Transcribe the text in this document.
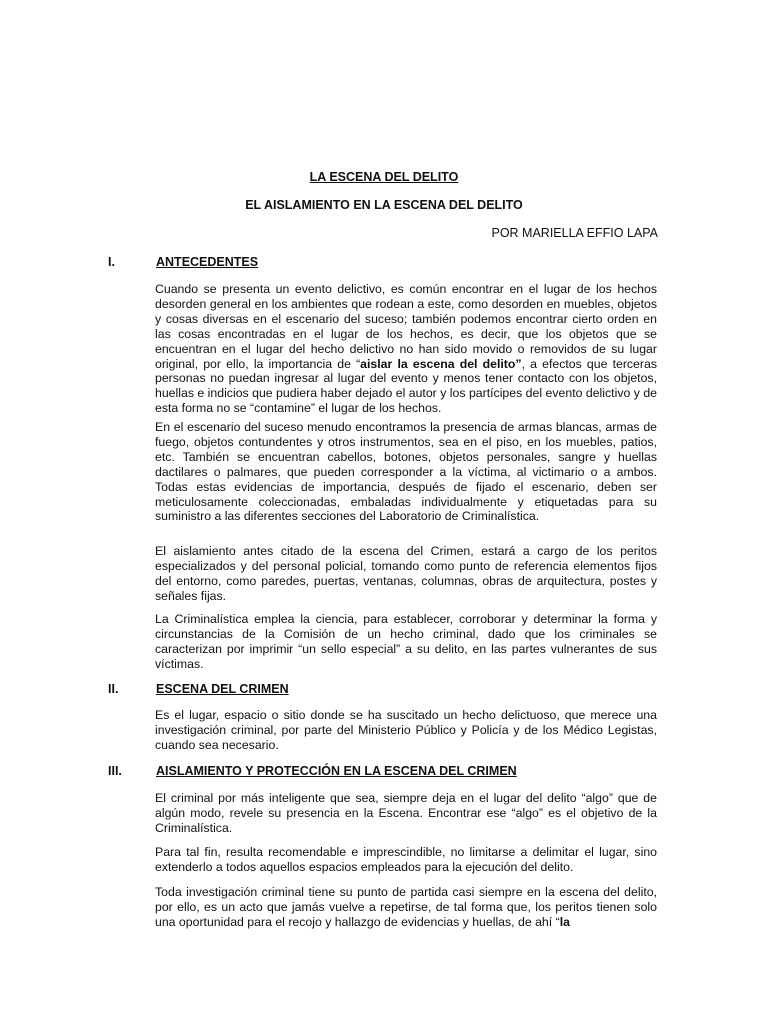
LA ESCENA DEL DELITO
EL AISLAMIENTO EN LA ESCENA DEL DELITO
POR MARIELLA EFFIO LAPA
I.	ANTECEDENTES

Cuando se presenta un evento delictivo, es común encontrar en el lugar de los hechos desorden general en los ambientes que rodean a este, como desorden en muebles, objetos y cosas diversas en el escenario del suceso; también podemos encontrar cierto orden en las cosas encontradas en el lugar de los hechos, es decir, que los objetos que se encuentran en el lugar del hecho delictivo no han sido movido o removidos de su lugar original, por ello, la importancia de “aislar la escena del delito”, a efectos que terceras personas no puedan ingresar al lugar del evento y menos tener contacto con los objetos, huellas e indicios que pudiera haber dejado el autor y los partícipes del evento delictivo y de esta forma no se “contamine” el lugar de los hechos.

En el escenario del suceso menudo encontramos la presencia de armas blancas, armas de fuego, objetos contundentes y otros instrumentos, sea en el piso, en los muebles, patios, etc. También se encuentran cabellos, botones, objetos personales, sangre y huellas dactilares o palmares, que pueden corresponder a la víctima, al victimario o a ambos. Todas estas evidencias de importancia, después de fijado el escenario, deben ser meticulosamente coleccionadas, embaladas individualmente y etiquetadas para su suministro a las diferentes secciones del Laboratorio de Criminalística.

El aislamiento antes citado de la escena del Crimen, estará a cargo de los peritos especializados y del personal policial, tomando como punto de referencia elementos fijos del entorno, como paredes, puertas, ventanas, columnas, obras de arquitectura, postes y señales fijas.

La Criminalística emplea la ciencia, para establecer, corroborar y determinar la forma y circunstancias de la Comisión de un hecho criminal, dado que los criminales se caracterizan por imprimir “un sello especial” a su delito, en las partes vulnerantes de sus víctimas.

II.	ESCENA DEL CRIMEN

Es el lugar, espacio o sitio donde se ha suscitado un hecho delictuoso, que merece una investigación criminal, por parte del Ministerio Público y Policía y de los Médico Legistas, cuando sea necesario.

III.	AISLAMIENTO Y PROTECCIÓN EN LA ESCENA DEL CRIMEN

El criminal por más inteligente que sea, siempre deja en el lugar del delito “algo” que de algún modo, revele su presencia en la Escena. Encontrar ese “algo” es el objetivo de la Criminalística.

Para tal fin, resulta recomendable e imprescindible, no limitarse a delimitar el lugar, sino extenderlo a todos aquellos espacios empleados para la ejecución del delito.

Toda investigación criminal tiene su punto de partida casi siempre en la escena del delito, por ello, es un acto que jamás vuelve a repetirse, de tal forma que, los peritos tienen solo una oportunidad para el recojo y hallazgo de evidencias y huellas, de ahí “la
